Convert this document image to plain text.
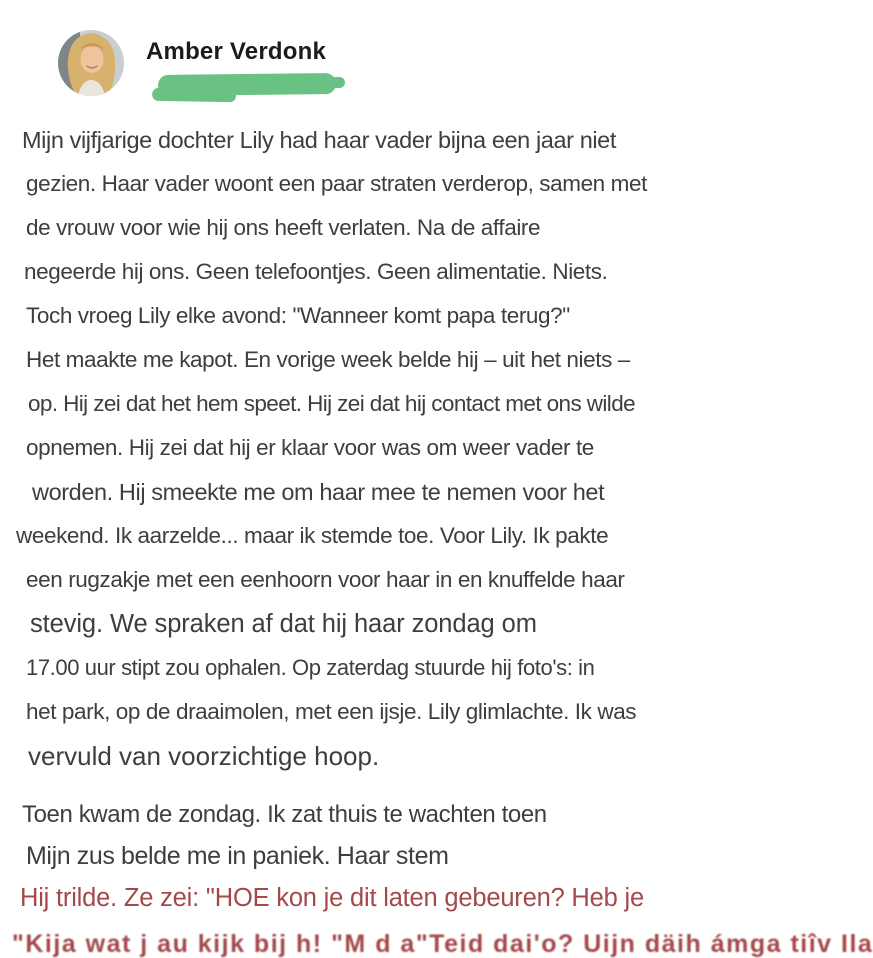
Amber Verdonk
Mijn vijfjarige dochter Lily had haar vader bijna een jaar niet
gezien. Haar vader woont een paar straten verderop, samen met
de vrouw voor wie hij ons heeft verlaten. Na de affaire
negeerde hij ons. Geen telefoontjes. Geen alimentatie. Niets.
Toch vroeg Lily elke avond: "Wanneer komt papa terug?"
Het maakte me kapot. En vorige week belde hij – uit het niets –
op. Hij zei dat het hem speet. Hij zei dat hij contact met ons wilde
opnemen. Hij zei dat hij er klaar voor was om weer vader te
worden. Hij smeekte me om haar mee te nemen voor het
weekend. Ik aarzelde... maar ik stemde toe. Voor Lily. Ik pakte
een rugzakje met een eenhoorn voor haar in en knuffelde haar
stevig. We spraken af dat hij haar zondag om
17.00 uur stipt zou ophalen. Op zaterdag stuurde hij foto's: in
het park, op de draaimolen, met een ijsje. Lily glimlachte. Ik was
vervuld van voorzichtige hoop.
Toen kwam de zondag. Ik zat thuis te wachten toen
Mijn zus belde me in paniek. Haar stem
Hij trilde. Ze zei: "HOE kon je dit laten gebeuren? Heb je
"Kija wat j au kijk bij h! "M d a"Teid dai'o? Uijn däih ámga tiîv Ila
